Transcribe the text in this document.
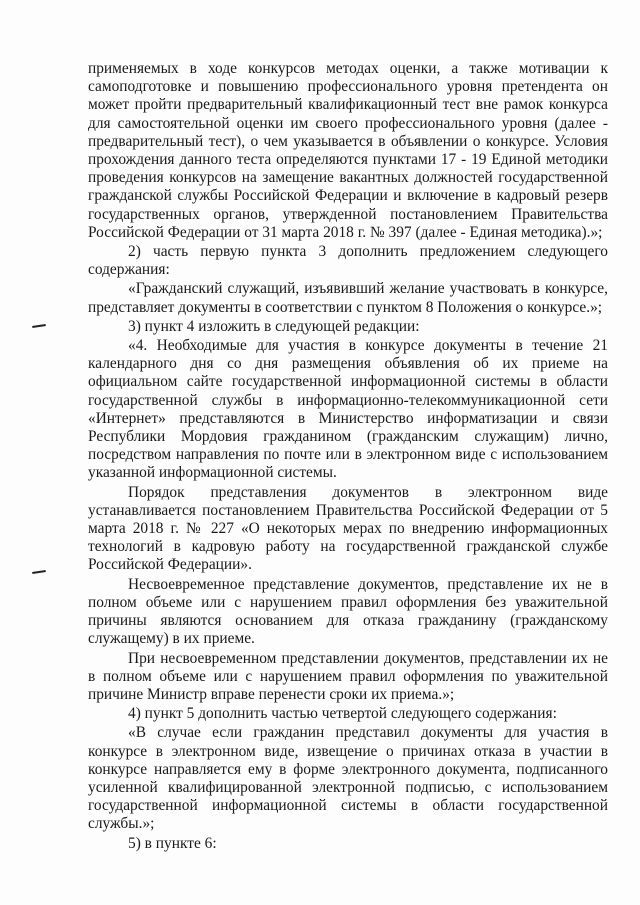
применяемых в ходе конкурсов методах оценки, а также мотивации к самоподготовке и повышению профессионального уровня претендента он может пройти предварительный квалификационный тест вне рамок конкурса для самостоятельной оценки им своего профессионального уровня (далее - предварительный тест), о чем указывается в объявлении о конкурсе. Условия прохождения данного теста определяются пунктами 17 - 19 Единой методики проведения конкурсов на замещение вакантных должностей государственной гражданской службы Российской Федерации и включение в кадровый резерв государственных органов, утвержденной постановлением Правительства Российской Федерации от 31 марта 2018 г. № 397 (далее - Единая методика).»;

2) часть первую пункта 3 дополнить предложением следующего содержания:

«Гражданский служащий, изъявивший желание участвовать в конкурсе, представляет документы в соответствии с пунктом 8 Положения о конкурсе.»;

3) пункт 4 изложить в следующей редакции:

«4. Необходимые для участия в конкурсе документы в течение 21 календарного дня со дня размещения объявления об их приеме на официальном сайте государственной информационной системы в области государственной службы в информационно-телекоммуникационной сети «Интернет» представляются в Министерство информатизации и связи Республики Мордовия гражданином (гражданским служащим) лично, посредством направления по почте или в электронном виде с использованием указанной информационной системы.

Порядок представления документов в электронном виде устанавливается постановлением Правительства Российской Федерации от 5 марта 2018 г. № 227 «О некоторых мерах по внедрению информационных технологий в кадровую работу на государственной гражданской службе Российской Федерации».

Несвоевременное представление документов, представление их не в полном объеме или с нарушением правил оформления без уважительной причины являются основанием для отказа гражданину (гражданскому служащему) в их приеме.

При несвоевременном представлении документов, представлении их не в полном объеме или с нарушением правил оформления по уважительной причине Министр вправе перенести сроки их приема.»;

4) пункт 5 дополнить частью четвертой следующего содержания:

«В случае если гражданин представил документы для участия в конкурсе в электронном виде, извещение о причинах отказа в участии в конкурсе направляется ему в форме электронного документа, подписанного усиленной квалифицированной электронной подписью, с использованием государственной информационной системы в области государственной службы.»;

5) в пункте 6:
